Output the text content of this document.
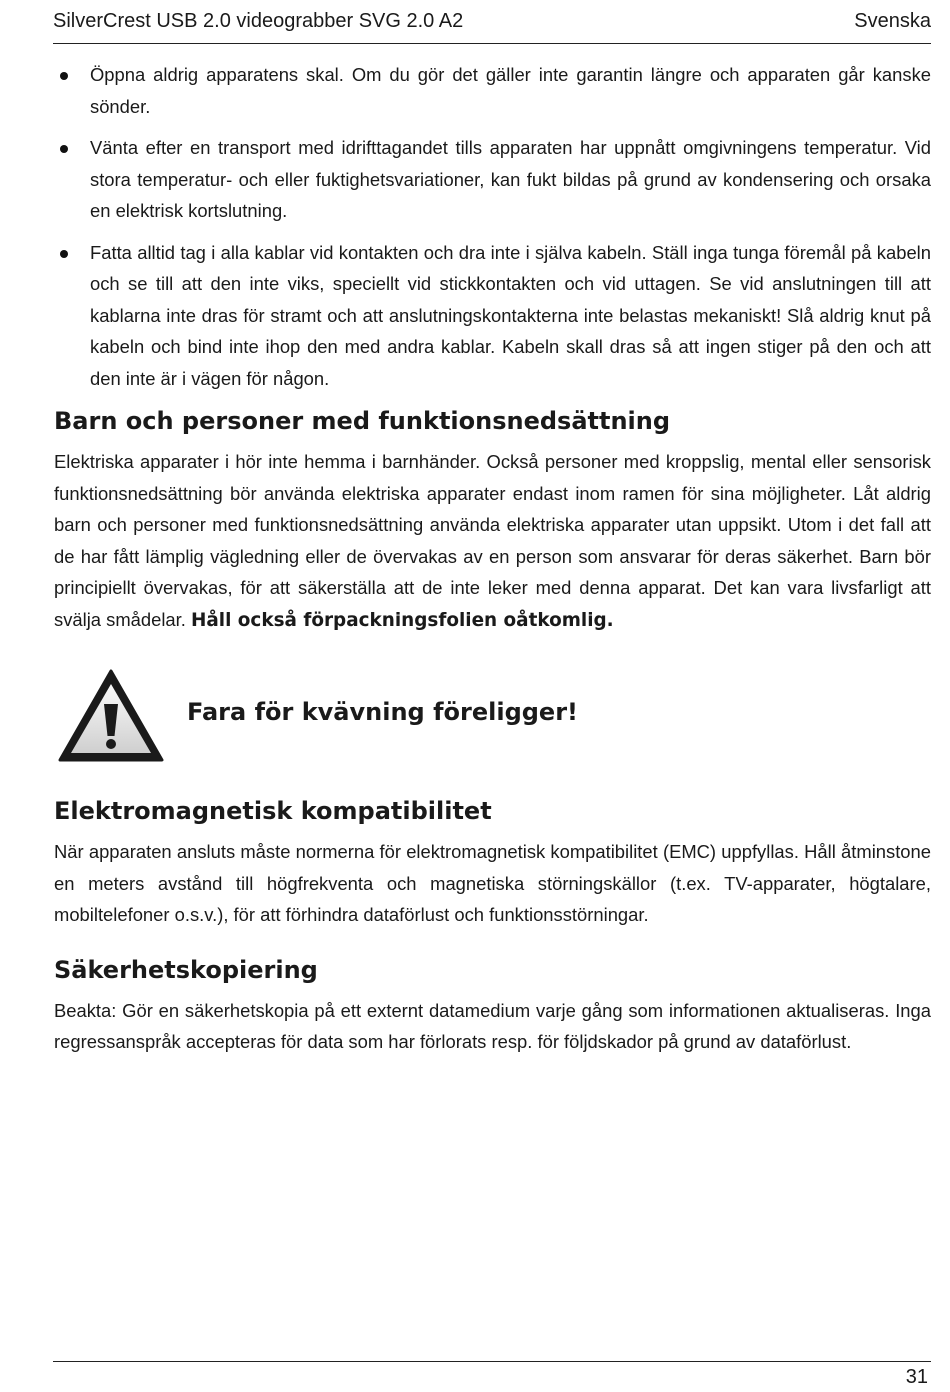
SilverCrest USB 2.0 videograbber SVG 2.0 A2	Svenska
Öppna aldrig apparatens skal. Om du gör det gäller inte garantin längre och apparaten går kanske sönder.
Vänta efter en transport med idrifttagandet tills apparaten har uppnått omgivningens temperatur. Vid stora temperatur- och eller fuktighetsvariationer, kan fukt bildas på grund av kondensering och orsaka en elektrisk kortslutning.
Fatta alltid tag i alla kablar vid kontakten och dra inte i själva kabeln. Ställ inga tunga föremål på kabeln och se till att den inte viks, speciellt vid stickkontakten och vid uttagen. Se vid anslutningen till att kablarna inte dras för stramt och att anslutningskontakterna inte belastas mekaniskt! Slå aldrig knut på kabeln och bind inte ihop den med andra kablar. Kabeln skall dras så att ingen stiger på den och att den inte är i vägen för någon.
Barn och personer med funktionsnedsättning

Elektriska apparater i hör inte hemma i barnhänder. Också personer med kroppslig, mental eller sensorisk funktionsnedsättning bör använda elektriska apparater endast inom ramen för sina möjligheter. Låt aldrig barn och personer med funktionsnedsättning använda elektriska apparater utan uppsikt. Utom i det fall att de har fått lämplig vägledning eller de övervakas av en person som ansvarar för deras säkerhet. Barn bör principiellt övervakas, för att säkerställa att de inte leker med denna apparat. Det kan vara livsfarligt att svälja smådelar. Håll också förpackningsfolien oåtkomlig.

Fara för kvävning föreligger!
Elektromagnetisk kompatibilitet

När apparaten ansluts måste normerna för elektromagnetisk kompatibilitet (EMC) uppfyllas. Håll åtminstone en meters avstånd till högfrekventa och magnetiska störningskällor (t.ex. TV-apparater, högtalare, mobiltelefoner o.s.v.), för att förhindra dataförlust och funktionsstörningar.

Säkerhetskopiering

Beakta: Gör en säkerhetskopia på ett externt datamedium varje gång som informationen aktualiseras. Inga regressanspråk accepteras för data som har förlorats resp. för följdskador på grund av dataförlust.

31
